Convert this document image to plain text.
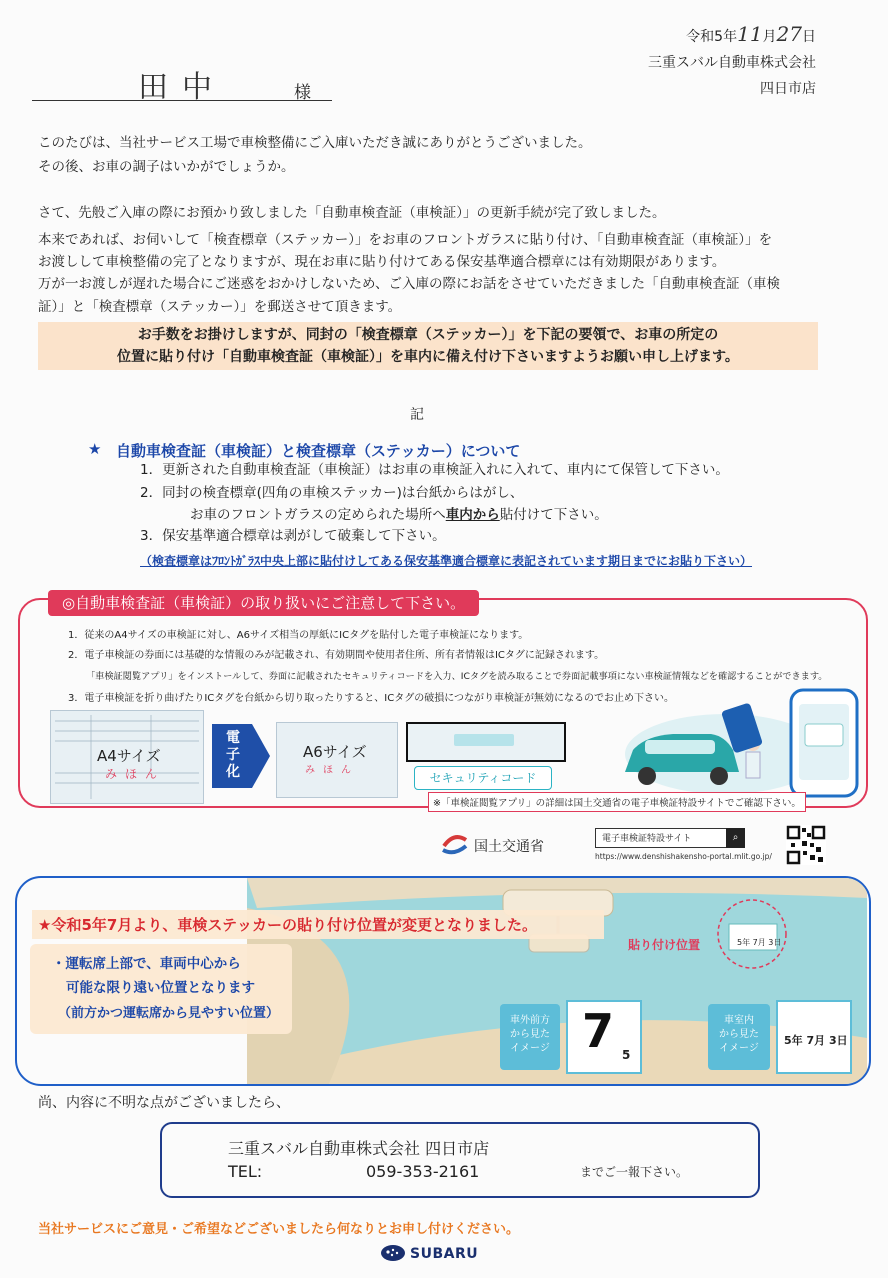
令和5年11月27日
三重スバル自動車株式会社
四日市店
田中	様
このたびは、当社サービス工場で車検整備にご入庫いただき誠にありがとうございました。
その後、お車の調子はいかがでしょうか。
さて、先般ご入庫の際にお預かり致しました「自動車検査証（車検証）」の更新手続が完了致しました。
本来であれば、お伺いして「検査標章（ステッカー）」をお車のフロントガラスに貼り付け、「自動車検査証（車検証）」を
お渡しして車検整備の完了となりますが、現在お車に貼り付けてある保安基準適合標章には有効期限があります。
万が一お渡しが遅れた場合にご迷惑をおかけしないため、ご入庫の際にお話をさせていただきました「自動車検査証（車検
証）」と「検査標章（ステッカー）」を郵送させて頂きます。
お手数をお掛けしますが、同封の「検査標章（ステッカー）」を下記の要領で、お車の所定の
位置に貼り付け「自動車検査証（車検証）」を車内に備え付け下さいますようお願い申し上げます。
記
★ 自動車検査証（車検証）と検査標章（ステッカー）について
1．更新された自動車検査証（車検証）はお車の車検証入れに入れて、車内にて保管して下さい。
2．同封の検査標章(四角の車検ステッカー)は台紙からはがし、
お車のフロントガラスの定められた場所へ車内から貼付けて下さい。
3．保安基準適合標章は剥がして破棄して下さい。
（検査標章はﾌﾛﾝﾄｶﾞﾗｽ中央上部に貼付けしてある保安基準適合標章に表記されています期日までにお貼り下さい）
◎自動車検査証（車検証）の取り扱いにご注意して下さい。
1．従来のA4サイズの車検証に対し、A6サイズ相当の厚紙にICタグを貼付した電子車検証になります。
2．電子車検証の券面には基礎的な情報のみが記載され、有効期間や使用者住所、所有者情報はICタグに記録されます。
「車検証閲覧アプリ」をインストールして、券面に記載されたセキュリティコードを入力、ICタグを読み取ることで券面記載事項にない車検証情報などを確認することができます。
3．電子車検証を折り曲げたりICタグを台紙から切り取ったりすると、ICタグの破損につながり車検証が無効になるのでお止め下さい。
A4サイズ
みほん
電子化
A6サイズ
みほん
セキュリティコード
※「車検証閲覧アプリ」の詳細は国土交通省の電子車検証特設サイトでご確認下さい。
国土交通省	電子車検証特設サイト	⌕
https://www.denshishakensho-portal.mlit.go.jp/
5年 7月 3日
★令和5年7月より、車検ステッカーの貼り付け位置が変更となりました。
・運転席上部で、車両中心から
可能な限り遠い位置となります
（前方かつ運転席から見やすい位置）
貼り付け位置
車外前方
から見た
イメージ 7 5
車室内
から見た
イメージ
5年 7月 3日
尚、内容に不明な点がございましたら、
三重スバル自動車株式会社 四日市店
TEL:	059-353-2161	までご一報下さい。
当社サービスにご意見・ご希望などございましたら何なりとお申し付けください。
SUBARU
